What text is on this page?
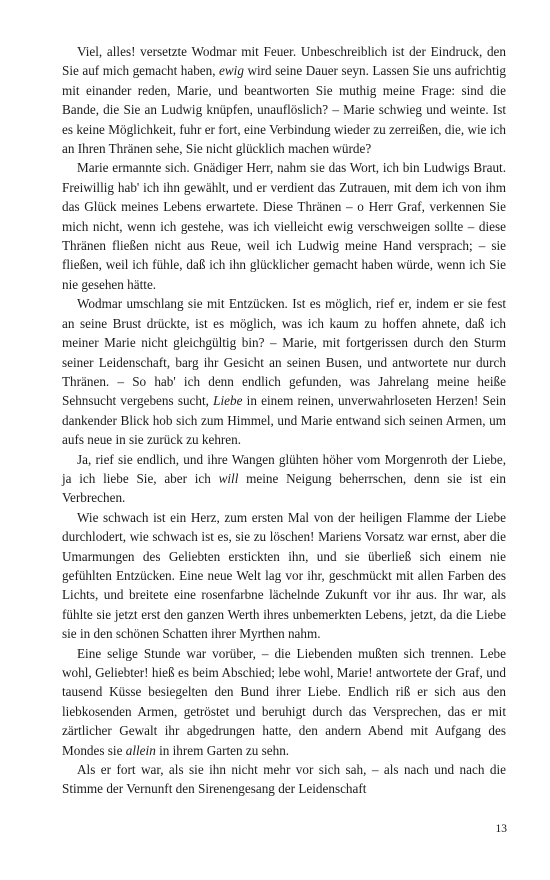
Viel, alles! versetzte Wodmar mit Feuer. Unbeschreiblich ist der Eindruck, den Sie auf mich gemacht haben, ewig wird seine Dauer seyn. Lassen Sie uns aufrichtig mit einander reden, Marie, und beantworten Sie muthig meine Frage: sind die Bande, die Sie an Ludwig knüpfen, unauflöslich? – Marie schwieg und weinte. Ist es keine Möglichkeit, fuhr er fort, eine Verbindung wieder zu zerreißen, die, wie ich an Ihren Thränen sehe, Sie nicht glücklich machen würde?

Marie ermannte sich. Gnädiger Herr, nahm sie das Wort, ich bin Ludwigs Braut. Freiwillig hab' ich ihn gewählt, und er verdient das Zutrauen, mit dem ich von ihm das Glück meines Lebens erwartete. Diese Thränen – o Herr Graf, verkennen Sie mich nicht, wenn ich gestehe, was ich vielleicht ewig verschweigen sollte – diese Thränen fließen nicht aus Reue, weil ich Ludwig meine Hand versprach; – sie fließen, weil ich fühle, daß ich ihn glücklicher gemacht haben würde, wenn ich Sie nie gesehen hätte.

Wodmar umschlang sie mit Entzücken. Ist es möglich, rief er, indem er sie fest an seine Brust drückte, ist es möglich, was ich kaum zu hoffen ahnete, daß ich meiner Marie nicht gleichgültig bin? – Marie, mit fortgerissen durch den Sturm seiner Leidenschaft, barg ihr Gesicht an seinen Busen, und antwortete nur durch Thränen. – So hab' ich denn endlich gefunden, was Jahrelang meine heiße Sehnsucht vergebens sucht, Liebe in einem reinen, unverwahrloseten Herzen! Sein dankender Blick hob sich zum Himmel, und Marie entwand sich seinen Armen, um aufs neue in sie zurück zu kehren.

Ja, rief sie endlich, und ihre Wangen glühten höher vom Morgenroth der Liebe, ja ich liebe Sie, aber ich will meine Neigung beherrschen, denn sie ist ein Verbrechen.

Wie schwach ist ein Herz, zum ersten Mal von der heiligen Flamme der Liebe durchlodert, wie schwach ist es, sie zu löschen! Mariens Vorsatz war ernst, aber die Umarmungen des Geliebten erstickten ihn, und sie überließ sich einem nie gefühlten Entzücken. Eine neue Welt lag vor ihr, geschmückt mit allen Farben des Lichts, und breitete eine rosenfarbne lächelnde Zukunft vor ihr aus. Ihr war, als fühlte sie jetzt erst den ganzen Werth ihres unbemerkten Lebens, jetzt, da die Liebe sie in den schönen Schatten ihrer Myrthen nahm.

Eine selige Stunde war vorüber, – die Liebenden mußten sich trennen. Lebe wohl, Geliebter! hieß es beim Abschied; lebe wohl, Marie! antwortete der Graf, und tausend Küsse besiegelten den Bund ihrer Liebe. Endlich riß er sich aus den liebkosenden Armen, getröstet und beruhigt durch das Versprechen, das er mit zärtlicher Gewalt ihr abgedrungen hatte, den andern Abend mit Aufgang des Mondes sie allein in ihrem Garten zu sehn.

Als er fort war, als sie ihn nicht mehr vor sich sah, – als nach und nach die Stimme der Vernunft den Sirenengesang der Leidenschaft

13
